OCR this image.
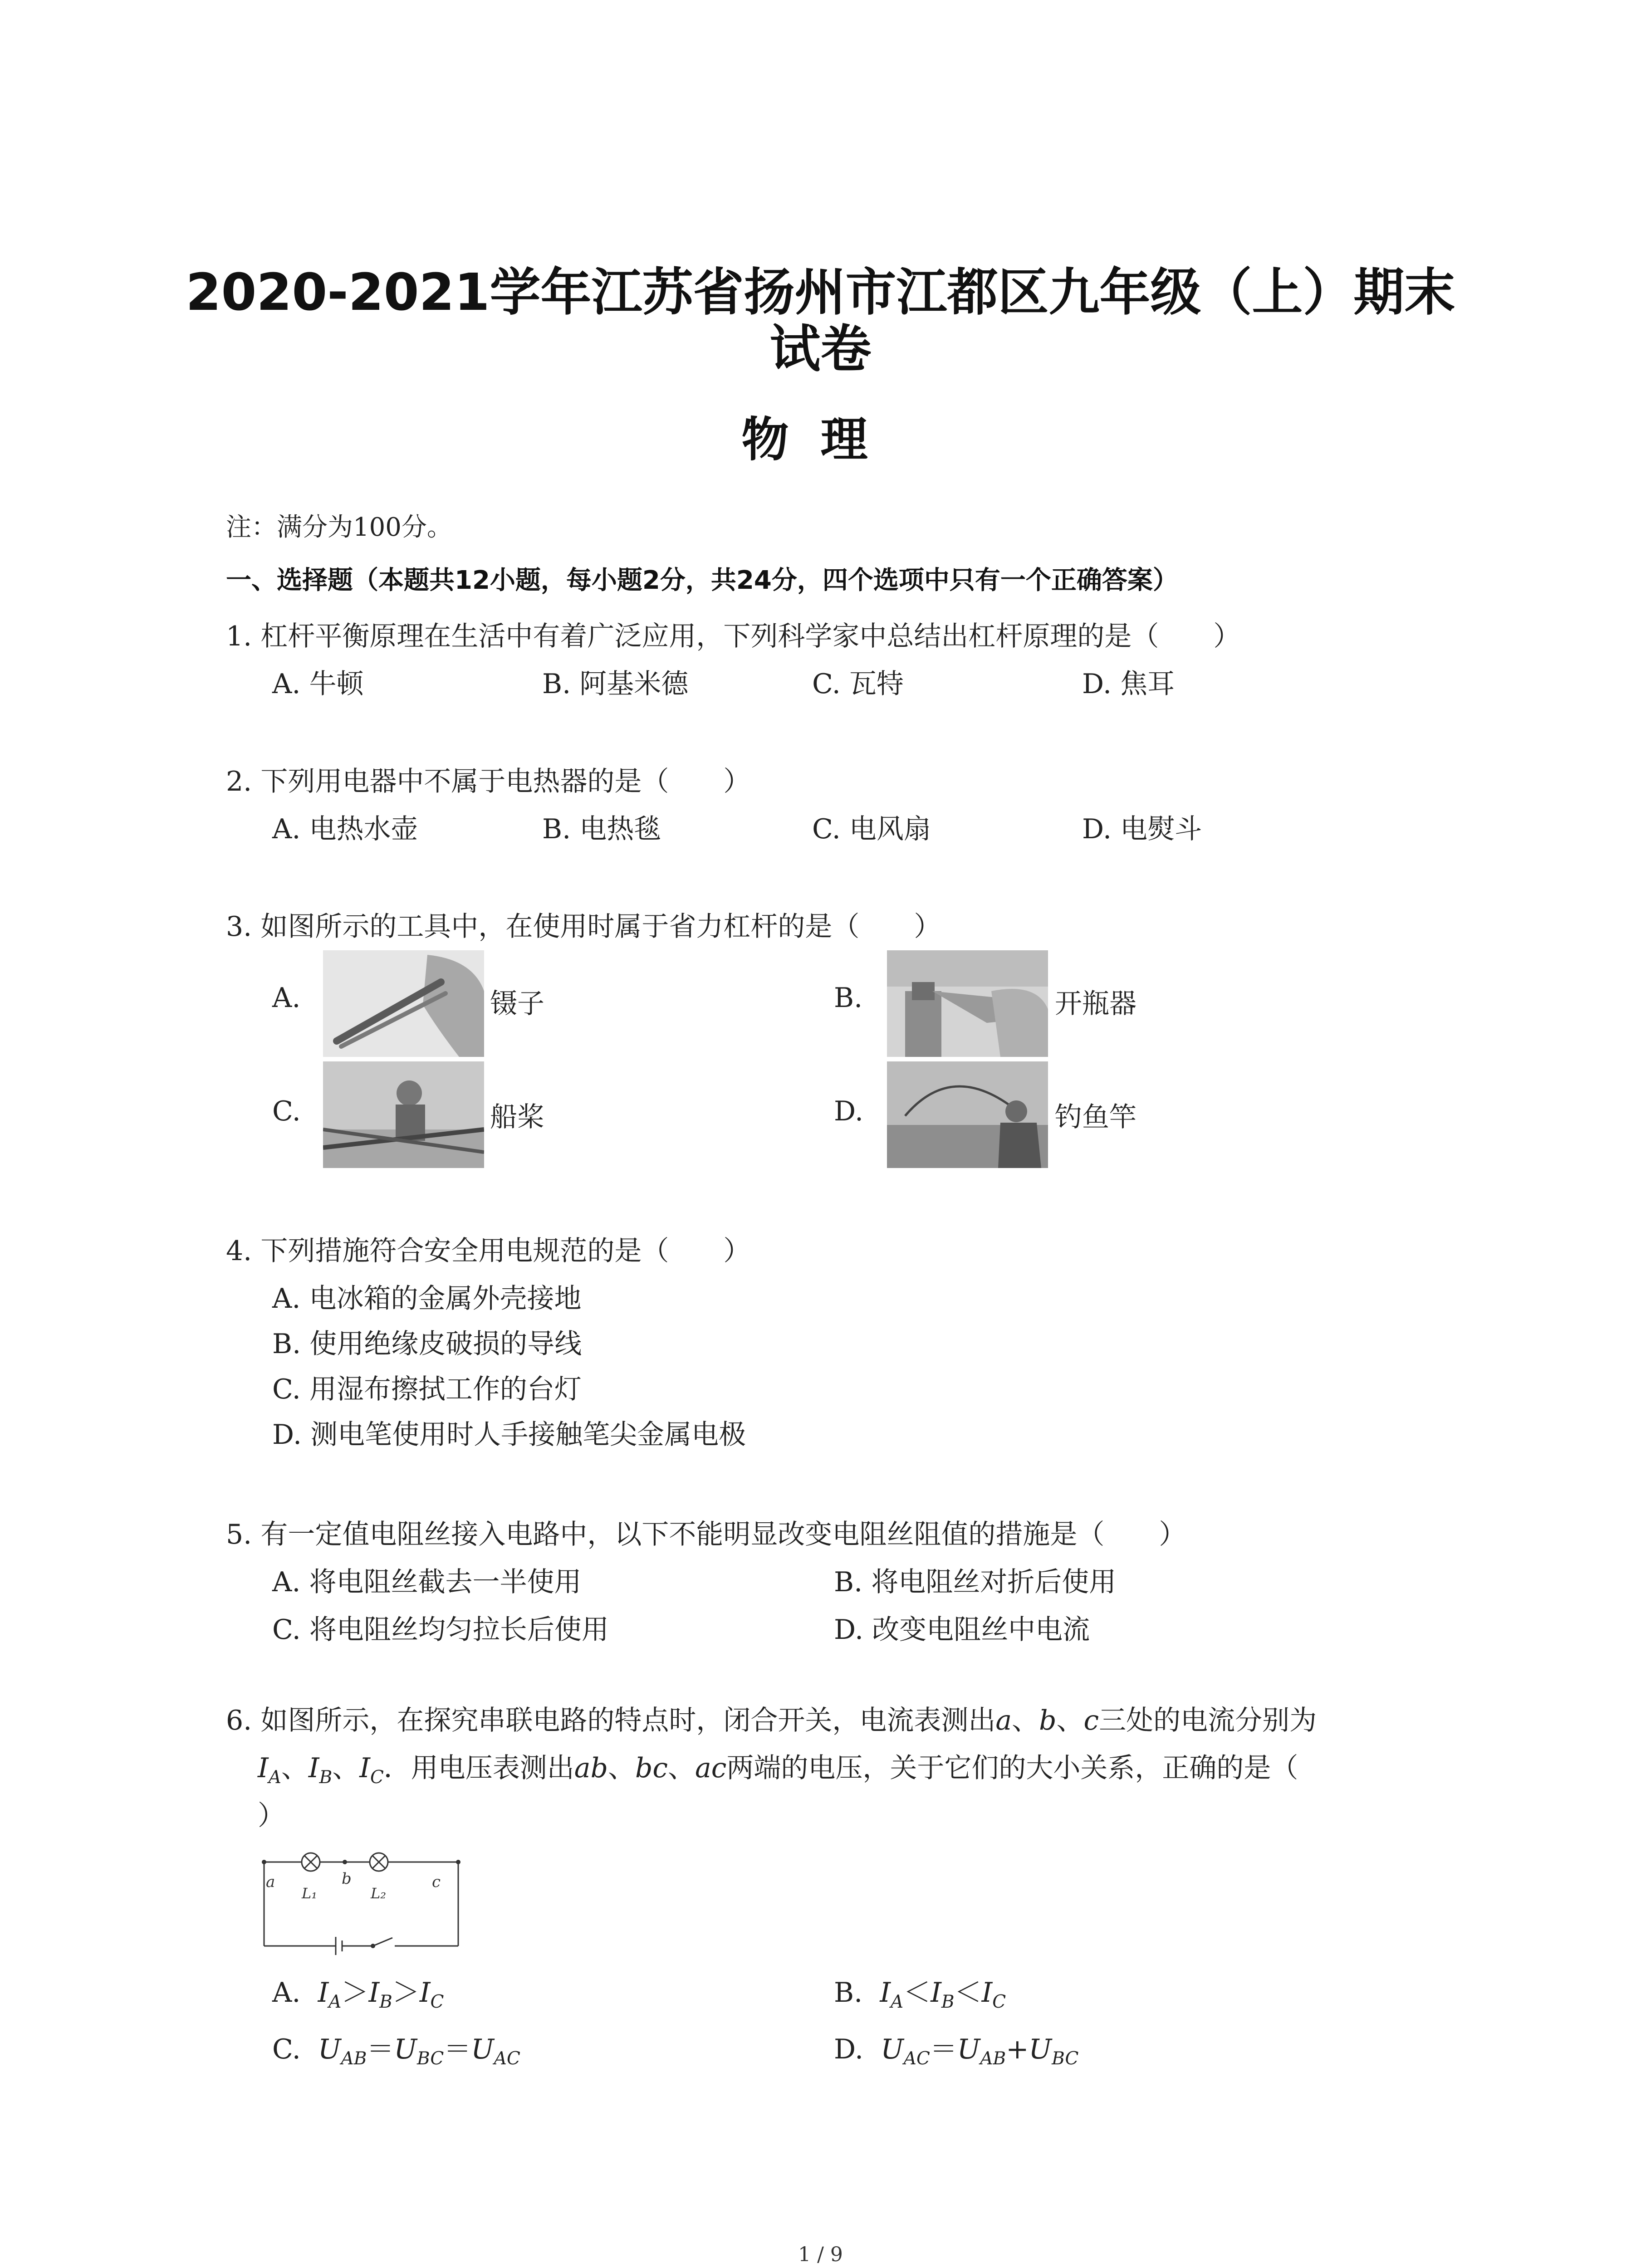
2020-2021学年江苏省扬州市江都区九年级（上）期末
试卷
物理
注：满分为100分。
一、选择题（本题共12小题，每小题2分，共24分，四个选项中只有一个正确答案）
1. 杠杆平衡原理在生活中有着广泛应用，下列科学家中总结出杠杆原理的是（　　）
A. 牛顿	B. 阿基米德	C. 瓦特	D. 焦耳
2. 下列用电器中不属于电热器的是（　　）
A. 电热水壶	B. 电热毯	C. 电风扇	D. 电熨斗
3. 如图所示的工具中，在使用时属于省力杠杆的是（　　）
A.	镊子	B.	开瓶器
C.	船桨	D.	钓鱼竿
4. 下列措施符合安全用电规范的是（　　）
A. 电冰箱的金属外壳接地
B. 使用绝缘皮破损的导线
C. 用湿布擦拭工作的台灯
D. 测电笔使用时人手接触笔尖金属电极
5. 有一定值电阻丝接入电路中，以下不能明显改变电阻丝阻值的措施是（　　）
A. 将电阻丝截去一半使用	B. 将电阻丝对折后使用
C. 将电阻丝均匀拉长后使用	D. 改变电阻丝中电流
6. 如图所示，在探究串联电路的特点时，闭合开关，电流表测出a、b、c三处的电流分别为
$I_A$、$I_B$、$I_C$．用电压表测出ab、bc、ac两端的电压，关于它们的大小关系，正确的是（
）
a	b	c
L₁	L₂
A. $I_A>I_B>I_C$	B. $I_A<I_B<I_C$
C. $U_{AB}=U_{BC}=U_{AC}$	D. $U_{AC}=U_{AB}+U_{BC}$
1 / 9
